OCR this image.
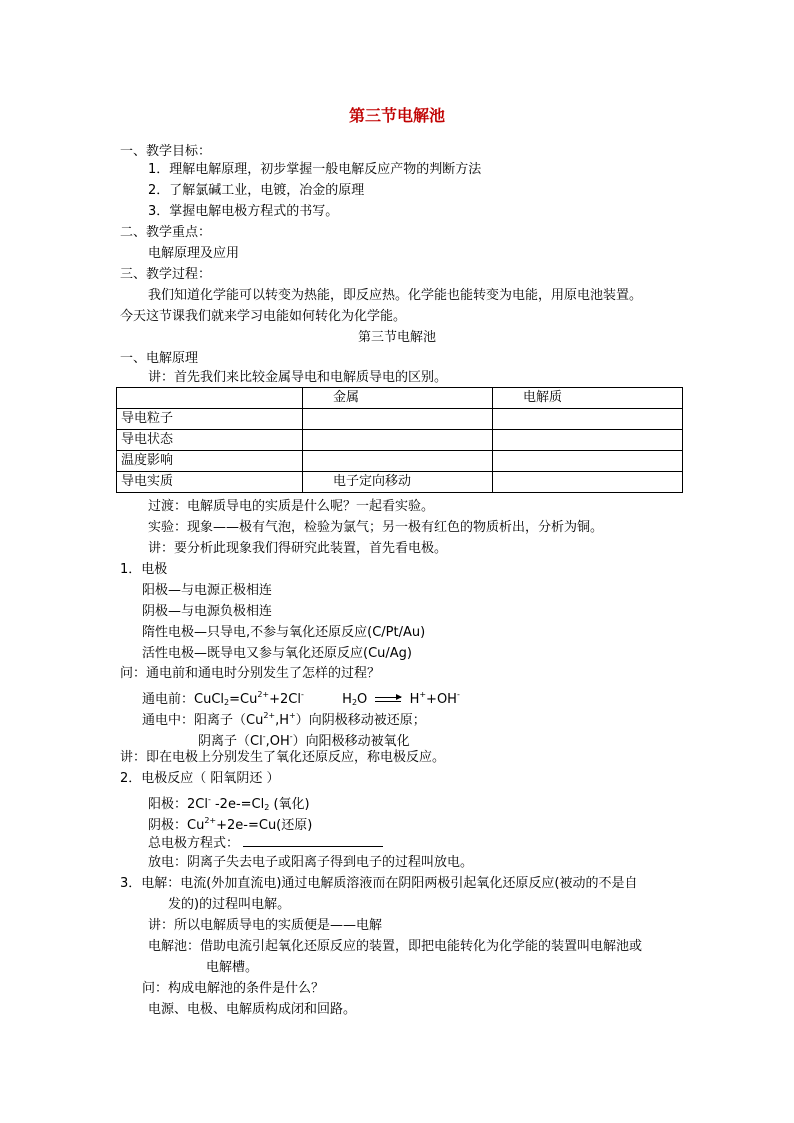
第三节电解池
一、教学目标：
1．理解电解原理，初步掌握一般电解反应产物的判断方法
2．了解氯碱工业，电镀，冶金的原理
3．掌握电解电极方程式的书写。
二、教学重点：
电解原理及应用
三、教学过程：
我们知道化学能可以转变为热能，即反应热。化学能也能转变为电能，用原电池装置。
今天这节课我们就来学习电能如何转化为化学能。
第三节电解池
一、电解原理
讲：首先我们来比较金属导电和电解质导电的区别。
	金属	电解质
导电粒子		
导电状态		
温度影响		
导电实质	电子定向移动	
过渡：电解质导电的实质是什么呢？一起看实验。
实验：现象——极有气泡，检验为氯气；另一极有红色的物质析出，分析为铜。
讲：要分析此现象我们得研究此装置，首先看电极。
1．电极
阳极—与电源正极相连
阴极—与电源负极相连
隋性电极—只导电,不参与氧化还原反应(C/Pt/Au)
活性电极—既导电又参与氧化还原反应(Cu/Ag)
问：通电前和通电时分别发生了怎样的过程？
通电前：$CuCl_2=Cu^{2+}+2Cl^-$	$H_2O$	H++OH-
通电中：阳离子$(Cu^{2+},H^+)$向阴极移动被还原；
阴离子（Cl-,OH-）向阳极移动被氧化
讲：即在电极上分别发生了氧化还原反应，称电极反应。
2．电极反应（ 阳氧阴还 ）
阳极：2Cl- $-2e-=Cl_2$ (氧化)
阴极：$Cu^{2+}+2e-=Cu$(还原)
总电极方程式：
放电：阴离子失去电子或阳离子得到电子的过程叫放电。
3．电解：电流(外加直流电)通过电解质溶液而在阴阳两极引起氧化还原反应(被动的不是自
发的)的过程叫电解。
讲：所以电解质导电的实质便是——电解
电解池：借助电流引起氧化还原反应的装置，即把电能转化为化学能的装置叫电解池或
电解槽。
问：构成电解池的条件是什么？
电源、电极、电解质构成闭和回路。
